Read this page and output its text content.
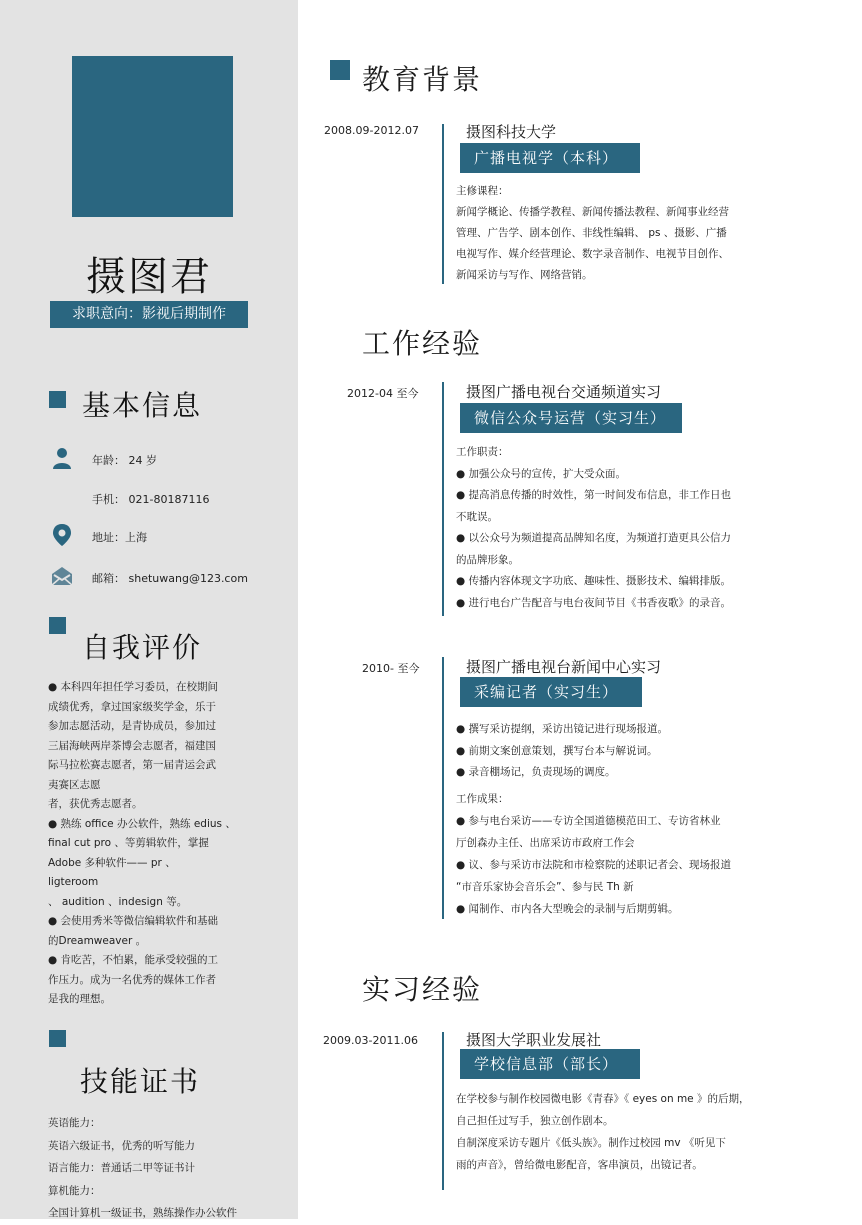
摄图君
求职意向：影视后期制作
基本信息
年龄： 24 岁
手机： 021-80187116
地址：上海
邮箱： shetuwang@123.com
自我评价
● 本科四年担任学习委员，在校期间
成绩优秀，拿过国家级奖学金，乐于
参加志愿活动，是青协成员，参加过
三届海峡两岸茶博会志愿者，福建国
际马拉松赛志愿者，第一届青运会武
夷赛区志愿
者，获优秀志愿者。
● 熟练 office 办公软件，熟练 edius 、
final cut pro 、等剪辑软件，掌握
Adobe 多种软件—— pr 、
ligteroom
、 audition 、indesign 等。
● 会使用秀米等微信编辑软件和基础
的Dreamweaver 。
● 肯吃苦，不怕累，能承受较强的工
作压力。成为一名优秀的媒体工作者
是我的理想。
技能证书
英语能力：
英语六级证书，优秀的听写能力
语言能力：普通话二甲等证书计
算机能力：
全国计算机一级证书，熟练操作办公软件
教育背景
2008.09-2012.07	摄图科技大学
广播电视学（本科）
主修课程：
新闻学概论、传播学教程、新闻传播法教程、新闻事业经营
管理、广告学、剧本创作、非线性编辑、 ps 、摄影、广播
电视写作、媒介经营理论、数字录音制作、电视节目创作、
新闻采访与写作、网络营销。
工作经验
2012-04 至今	摄图广播电视台交通频道实习
微信公众号运营（实习生）
工作职责：
● 加强公众号的宣传，扩大受众面。
● 提高消息传播的时效性，第一时间发布信息，非工作日也
不耽误。
● 以公众号为频道提高品牌知名度，为频道打造更具公信力
的品牌形象。
● 传播内容体现文字功底、趣味性、摄影技术、编辑排版。
● 进行电台广告配音与电台夜间节目《书香夜歌》的录音。
2010- 至今	摄图广播电视台新闻中心实习
采编记者（实习生）
● 撰写采访提纲，采访出镜记进行现场报道。
● 前期文案创意策划，撰写台本与解说词。
● 录音棚场记，负责现场的调度。
工作成果：
● 参与电台采访——专访全国道德模范田工、专访省林业
厅创森办主任、出席采访市政府工作会
● 议、参与采访市法院和市检察院的述职记者会、现场报道
“市音乐家协会音乐会”、参与民 Th 新
● 闻制作、市内各大型晚会的录制与后期剪辑。
实习经验
2009.03-2011.06	摄图大学职业发展社
学校信息部（部长）
在学校参与制作校园微电影《青春》《 eyes on me 》的后期，
自己担任过写手，独立创作剧本。
自制深度采访专题片《低头族》。制作过校园 mv 《听见下
雨的声音》，曾给微电影配音，客串演员，出镜记者。
